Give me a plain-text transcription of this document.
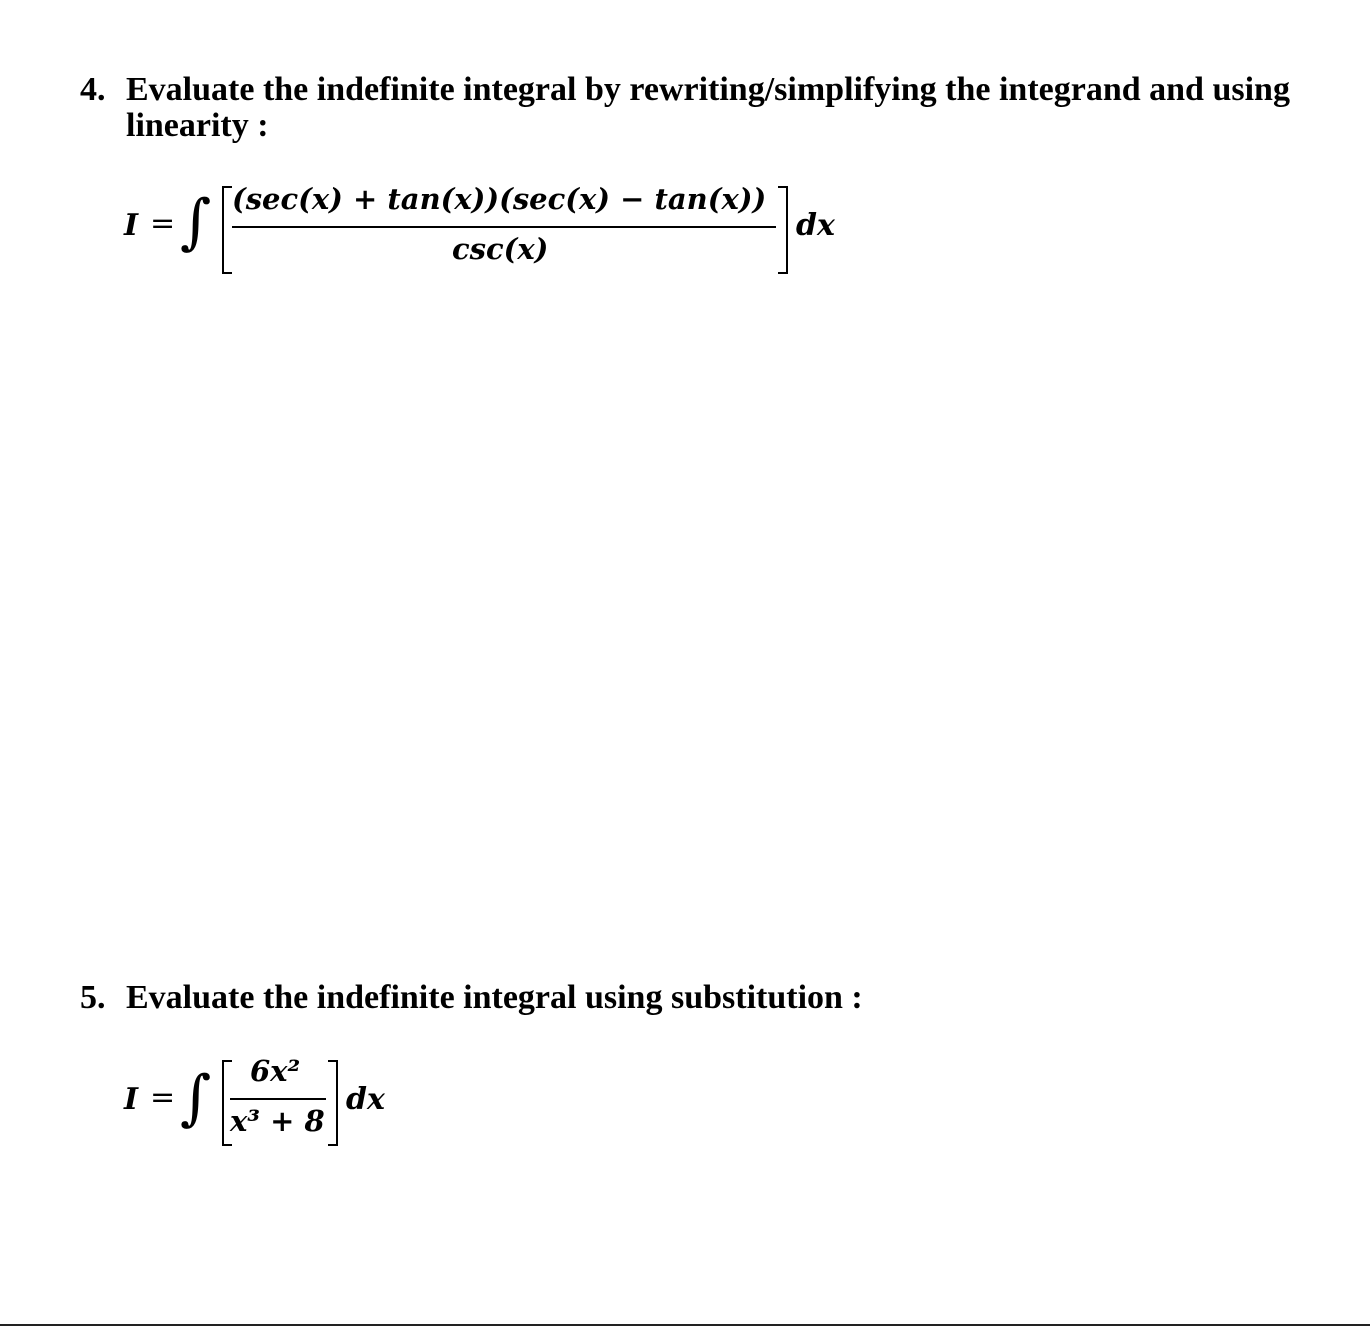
4. Evaluate the indefinite integral by rewriting/simplifying the integrand and using
linearity :
I = ∫ (sec(x) + tan(x))(sec(x) − tan(x))
csc(x)
dx
5. Evaluate the indefinite integral using substitution :
I = ∫ 6x²
x³ + 8
dx
